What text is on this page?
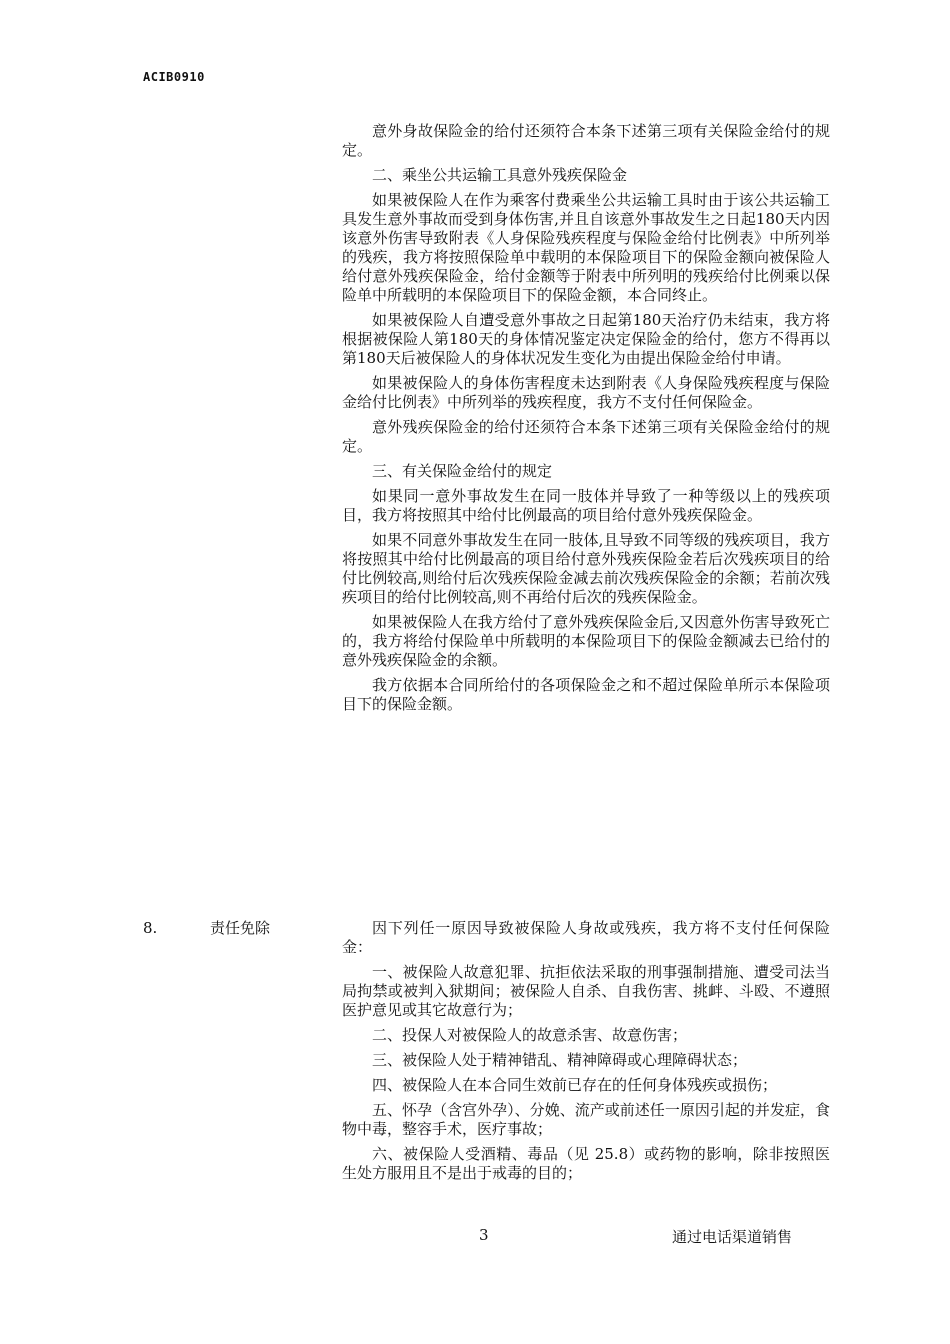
ACIB0910

意外身故保险金的给付还须符合本条下述第三项有关保险金给付的规定。

二、乘坐公共运输工具意外残疾保险金

如果被保险人在作为乘客付费乘坐公共运输工具时由于该公共运输工具发生意外事故而受到身体伤害,并且自该意外事故发生之日起180天内因该意外伤害导致附表《人身保险残疾程度与保险金给付比例表》中所列举的残疾，我方将按照保险单中载明的本保险项目下的保险金额向被保险人给付意外残疾保险金，给付金额等于附表中所列明的残疾给付比例乘以保险单中所载明的本保险项目下的保险金额，本合同终止。

如果被保险人自遭受意外事故之日起第180天治疗仍未结束，我方将根据被保险人第180天的身体情况鉴定决定保险金的给付，您方不得再以第180天后被保险人的身体状况发生变化为由提出保险金给付申请。

如果被保险人的身体伤害程度未达到附表《人身保险残疾程度与保险金给付比例表》中所列举的残疾程度，我方不支付任何保险金。

意外残疾保险金的给付还须符合本条下述第三项有关保险金给付的规定。

三、有关保险金给付的规定

如果同一意外事故发生在同一肢体并导致了一种等级以上的残疾项目，我方将按照其中给付比例最高的项目给付意外残疾保险金。

如果不同意外事故发生在同一肢体,且导致不同等级的残疾项目，我方将按照其中给付比例最高的项目给付意外残疾保险金若后次残疾项目的给付比例较高,则给付后次残疾保险金减去前次残疾保险金的余额；若前次残疾项目的给付比例较高,则不再给付后次的残疾保险金。

如果被保险人在我方给付了意外残疾保险金后,又因意外伤害导致死亡的，我方将给付保险单中所载明的本保险项目下的保险金额减去已给付的意外残疾保险金的余额。

我方依据本合同所给付的各项保险金之和不超过保险单所示本保险项目下的保险金额。

8.	责任免除	因下列任一原因导致被保险人身故或残疾，我方将不支付任何保险金：

一、被保险人故意犯罪、抗拒依法采取的刑事强制措施、遭受司法当局拘禁或被判入狱期间；被保险人自杀、自我伤害、挑衅、斗殴、不遵照医护意见或其它故意行为；

二、投保人对被保险人的故意杀害、故意伤害；

三、被保险人处于精神错乱、精神障碍或心理障碍状态；

四、被保险人在本合同生效前已存在的任何身体残疾或损伤；

五、怀孕（含宫外孕）、分娩、流产或前述任一原因引起的并发症，食物中毒，整容手术，医疗事故；

六、被保险人受酒精、毒品（见 25.8）或药物的影响，除非按照医生处方服用且不是出于戒毒的目的；

3	通过电话渠道销售
